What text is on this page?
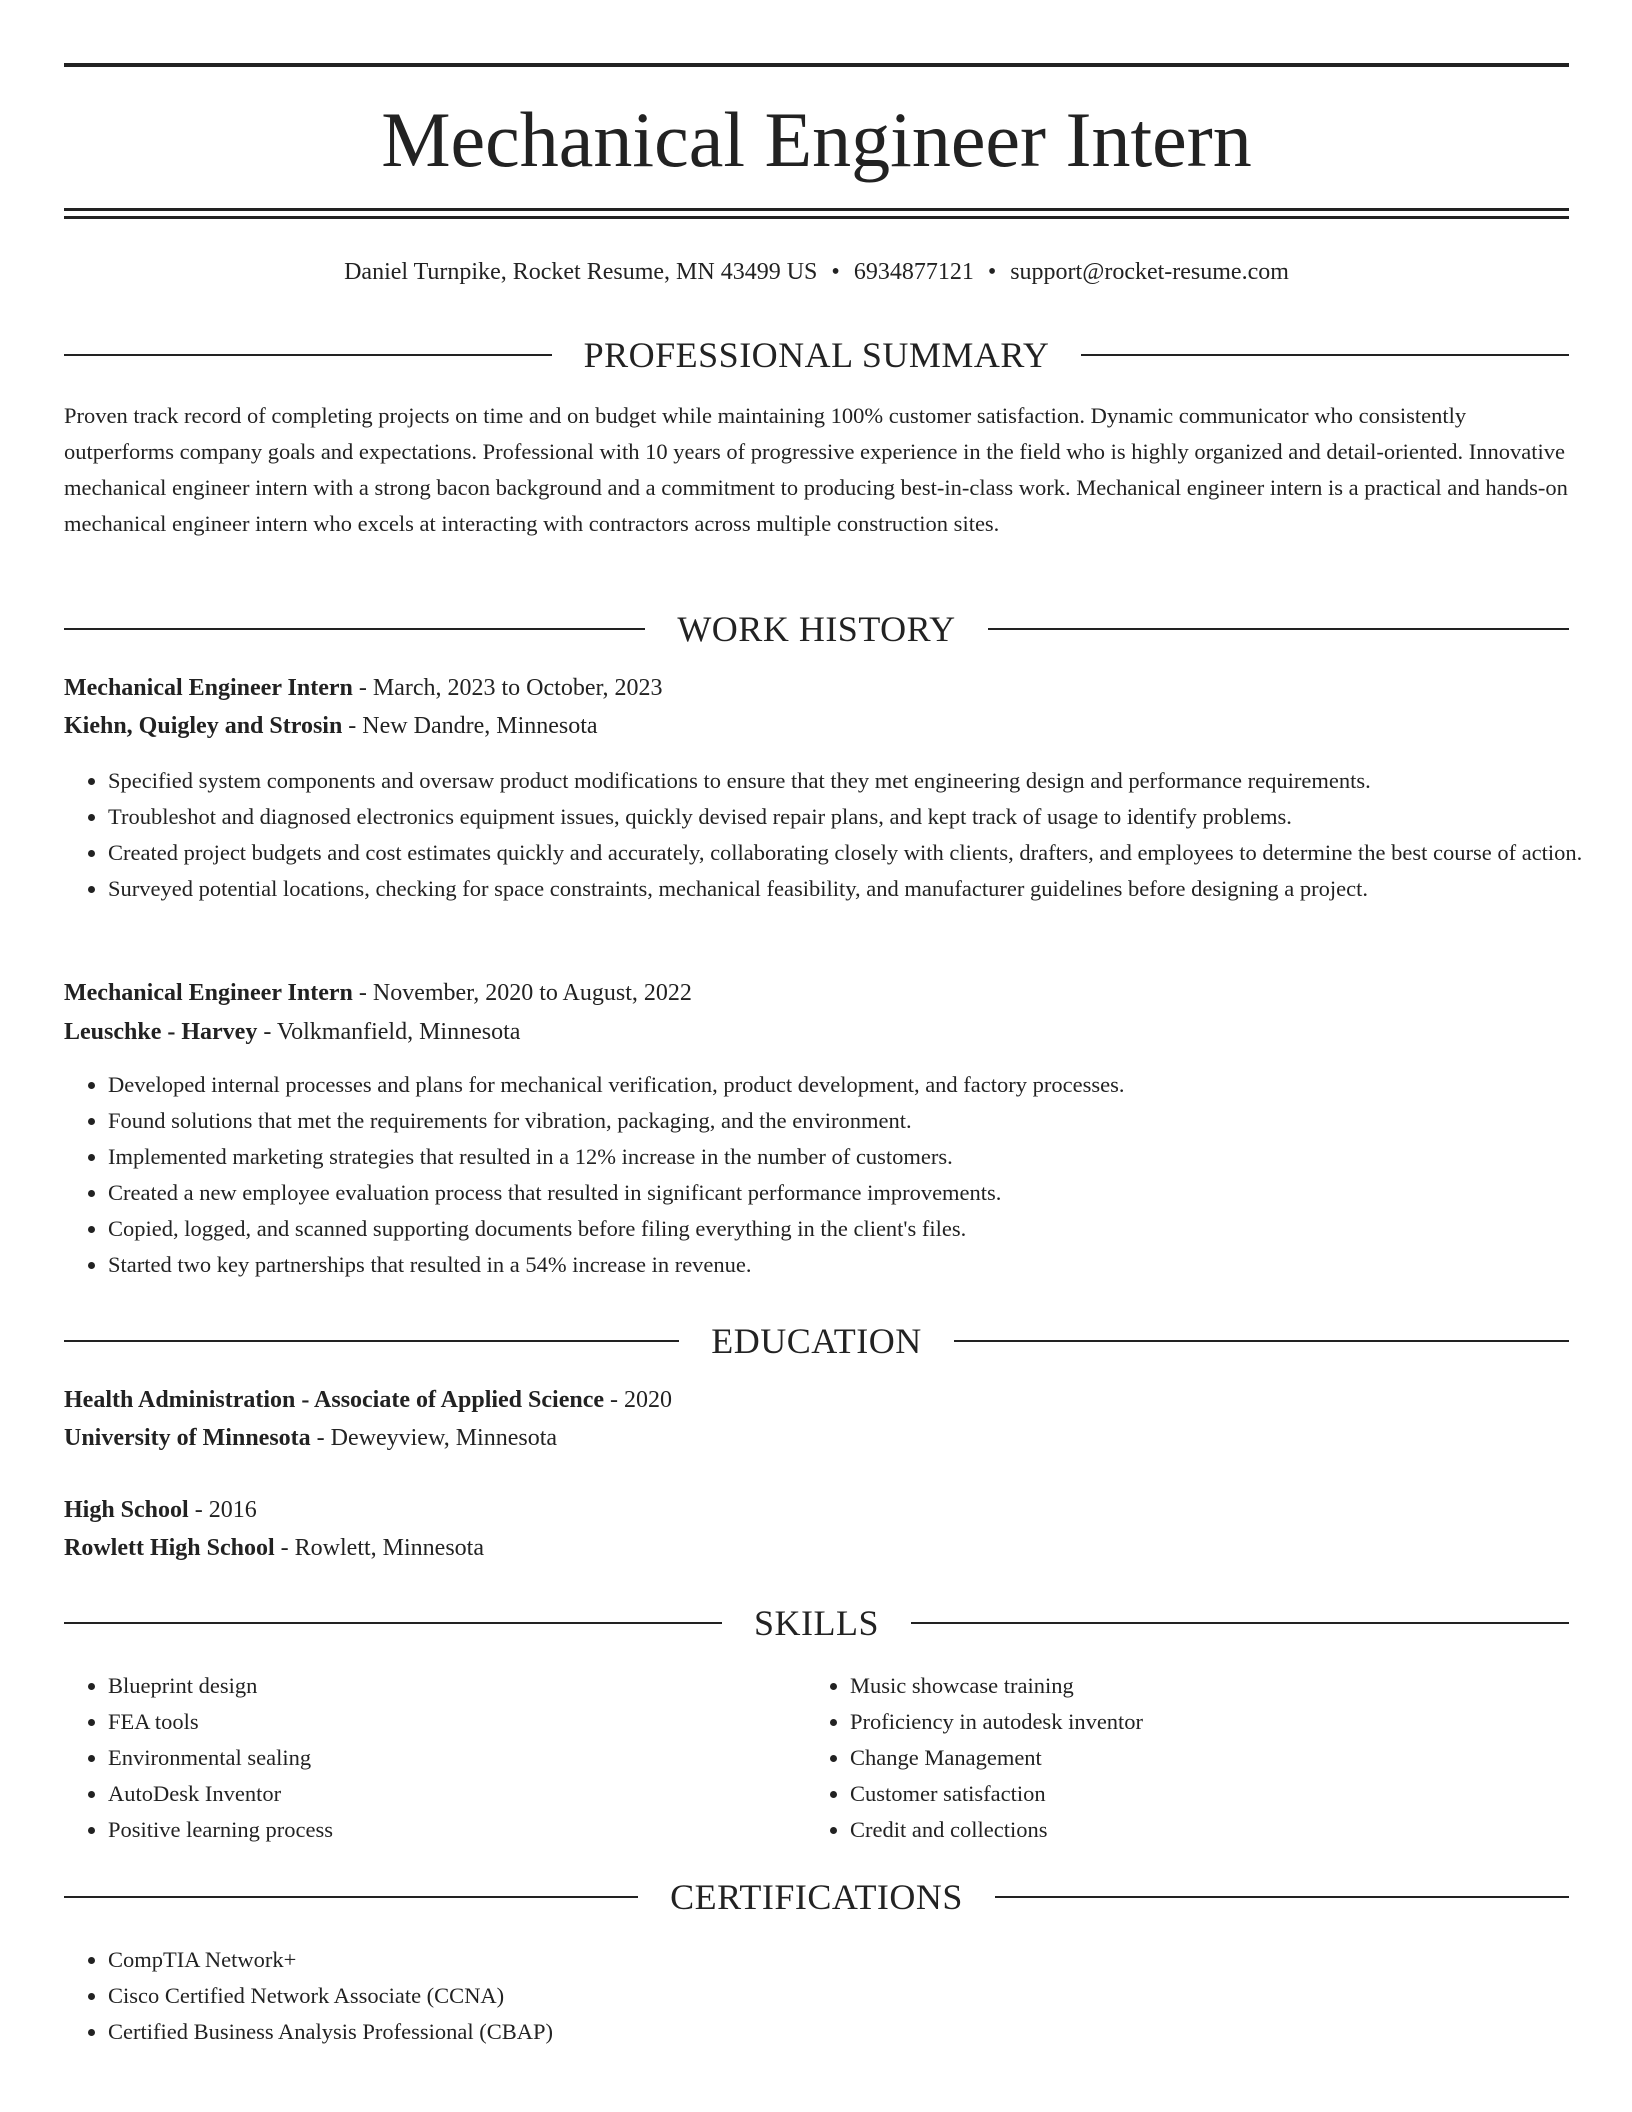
Mechanical Engineer Intern
Daniel Turnpike, Rocket Resume, MN 43499 US • 6934877121 • support@rocket-resume.com
PROFESSIONAL SUMMARY

Proven track record of completing projects on time and on budget while maintaining 100% customer satisfaction. Dynamic communicator who consistently outperforms company goals and expectations. Professional with 10 years of progressive experience in the field who is highly organized and detail-oriented. Innovative mechanical engineer intern with a strong bacon background and a commitment to producing best-in-class work. Mechanical engineer intern is a practical and hands-on mechanical engineer intern who excels at interacting with contractors across multiple construction sites.

WORK HISTORY
Mechanical Engineer Intern - March, 2023 to October, 2023
Kiehn, Quigley and Strosin - New Dandre, Minnesota
• Specified system components and oversaw product modifications to ensure that they met engineering design and performance requirements.
• Troubleshot and diagnosed electronics equipment issues, quickly devised repair plans, and kept track of usage to identify problems.
• Created project budgets and cost estimates quickly and accurately, collaborating closely with clients, drafters, and employees to determine the best course of action.
• Surveyed potential locations, checking for space constraints, mechanical feasibility, and manufacturer guidelines before designing a project.
Mechanical Engineer Intern - November, 2020 to August, 2022
Leuschke - Harvey - Volkmanfield, Minnesota
• Developed internal processes and plans for mechanical verification, product development, and factory processes.
• Found solutions that met the requirements for vibration, packaging, and the environment.
• Implemented marketing strategies that resulted in a 12% increase in the number of customers.
• Created a new employee evaluation process that resulted in significant performance improvements.
• Copied, logged, and scanned supporting documents before filing everything in the client's files.
• Started two key partnerships that resulted in a 54% increase in revenue.
EDUCATION
Health Administration - Associate of Applied Science - 2020
University of Minnesota - Deweyview, Minnesota
High School - 2016
Rowlett High School - Rowlett, Minnesota
SKILLS
• Blueprint design
• FEA tools
• Environmental sealing
• AutoDesk Inventor
• Positive learning process
• Music showcase training
• Proficiency in autodesk inventor
• Change Management
• Customer satisfaction
• Credit and collections
CERTIFICATIONS
• CompTIA Network+
• Cisco Certified Network Associate (CCNA)
• Certified Business Analysis Professional (CBAP)
